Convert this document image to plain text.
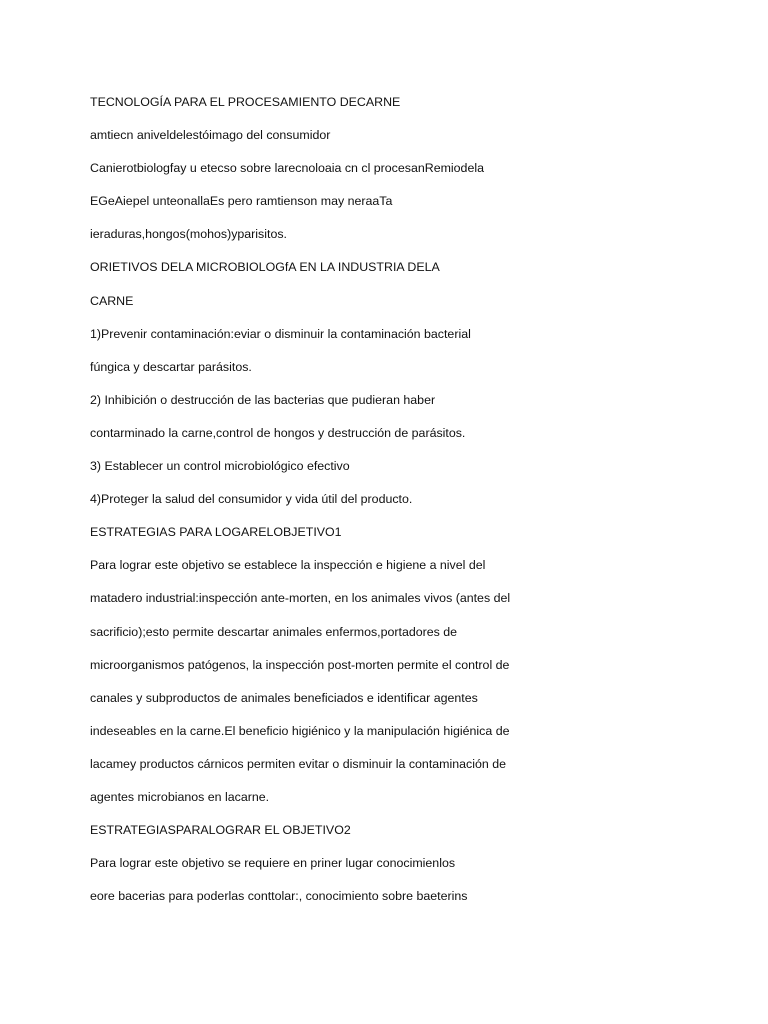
TECNOLOGÍA PARA EL PROCESAMIENTO DECARNE

amtiecn aniveldelestóimago del consumidor

Canierotbiologfay u etecso sobre larecnoloaia cn cl procesanRemiodela

EGeAiepel unteonallaEs pero ramtienson may neraaTa

ieraduras,hongos(mohos)yparisitos.

ORIETIVOS DELA MICROBIOLOGfA EN LA INDUSTRIA DELA

CARNE

1)Prevenir contaminación:eviar o disminuir la contaminación bacterial

fúngica y descartar parásitos.

2) Inhibición o destrucción de las bacterias que pudieran haber

contarminado la carne,control de hongos y destrucción de parásitos.

3) Establecer un control microbiológico efectivo

4)Proteger la salud del consumidor y vida útil del producto.

ESTRATEGIAS PARA LOGARELOBJETIVO1

Para lograr este objetivo se establece la inspección e higiene a nivel del

matadero industrial:inspección ante-morten, en los animales vivos (antes del

sacrificio);esto permite descartar animales enfermos,portadores de

microorganismos patógenos, la inspección post-morten permite el control de

canales y subproductos de animales beneficiados e identificar agentes

indeseables en la carne.El beneficio higiénico y la manipulación higiénica de

lacamey productos cárnicos permiten evitar o disminuir la contaminación de

agentes microbianos en lacarne.

ESTRATEGIASPARALOGRAR EL OBJETIVO2

Para lograr este objetivo se requiere en priner lugar conocimienlos

eore bacerias para poderlas conttolar:, conocimiento sobre baeterins
